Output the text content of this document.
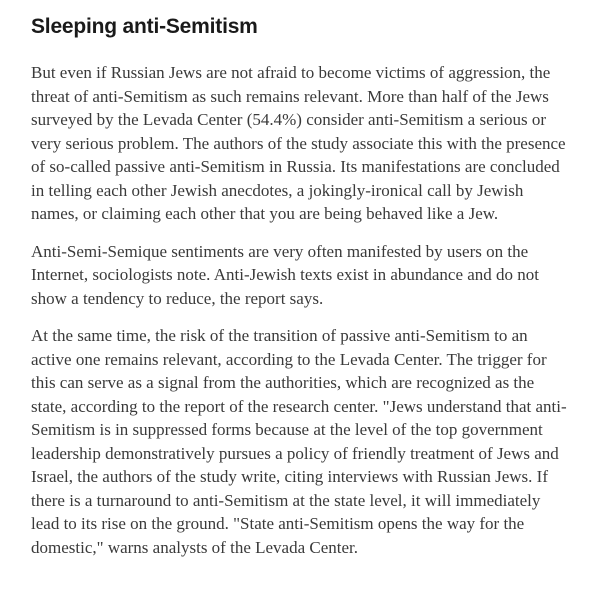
Sleeping anti-Semitism

But even if Russian Jews are not afraid to become victims of aggression, the threat of anti-Semitism as such remains relevant. More than half of the Jews surveyed by the Levada Center (54.4%) consider anti-Semitism a serious or very serious problem. The authors of the study associate this with the presence of so-called passive anti-Semitism in Russia. Its manifestations are concluded in telling each other Jewish anecdotes, a jokingly-ironical call by Jewish names, or claiming each other that you are being behaved like a Jew.

Anti-Semi-Semique sentiments are very often manifested by users on the Internet, sociologists note. Anti-Jewish texts exist in abundance and do not show a tendency to reduce, the report says.

At the same time, the risk of the transition of passive anti-Semitism to an active one remains relevant, according to the Levada Center. The trigger for this can serve as a signal from the authorities, which are recognized as the state, according to the report of the research center. "Jews understand that anti-Semitism is in suppressed forms because at the level of the top government leadership demonstratively pursues a policy of friendly treatment of Jews and Israel, the authors of the study write, citing interviews with Russian Jews. If there is a turnaround to anti-Semitism at the state level, it will immediately lead to its rise on the ground. "State anti-Semitism opens the way for the domestic," warns analysts of the Levada Center.
